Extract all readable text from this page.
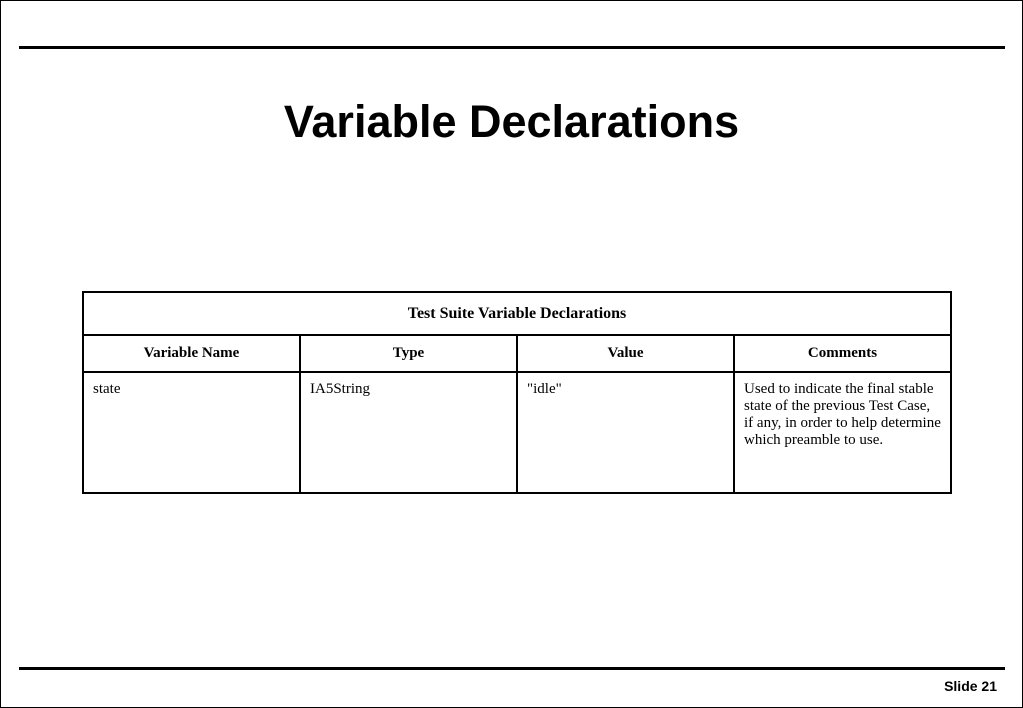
Variable Declarations
Test Suite Variable Declarations			
Variable Name	Type	Value	Comments
state	IA5String	"idle"	Used to indicate the final stable state of the previous Test Case, if any, in order to help determine which preamble to use.
Slide 21
